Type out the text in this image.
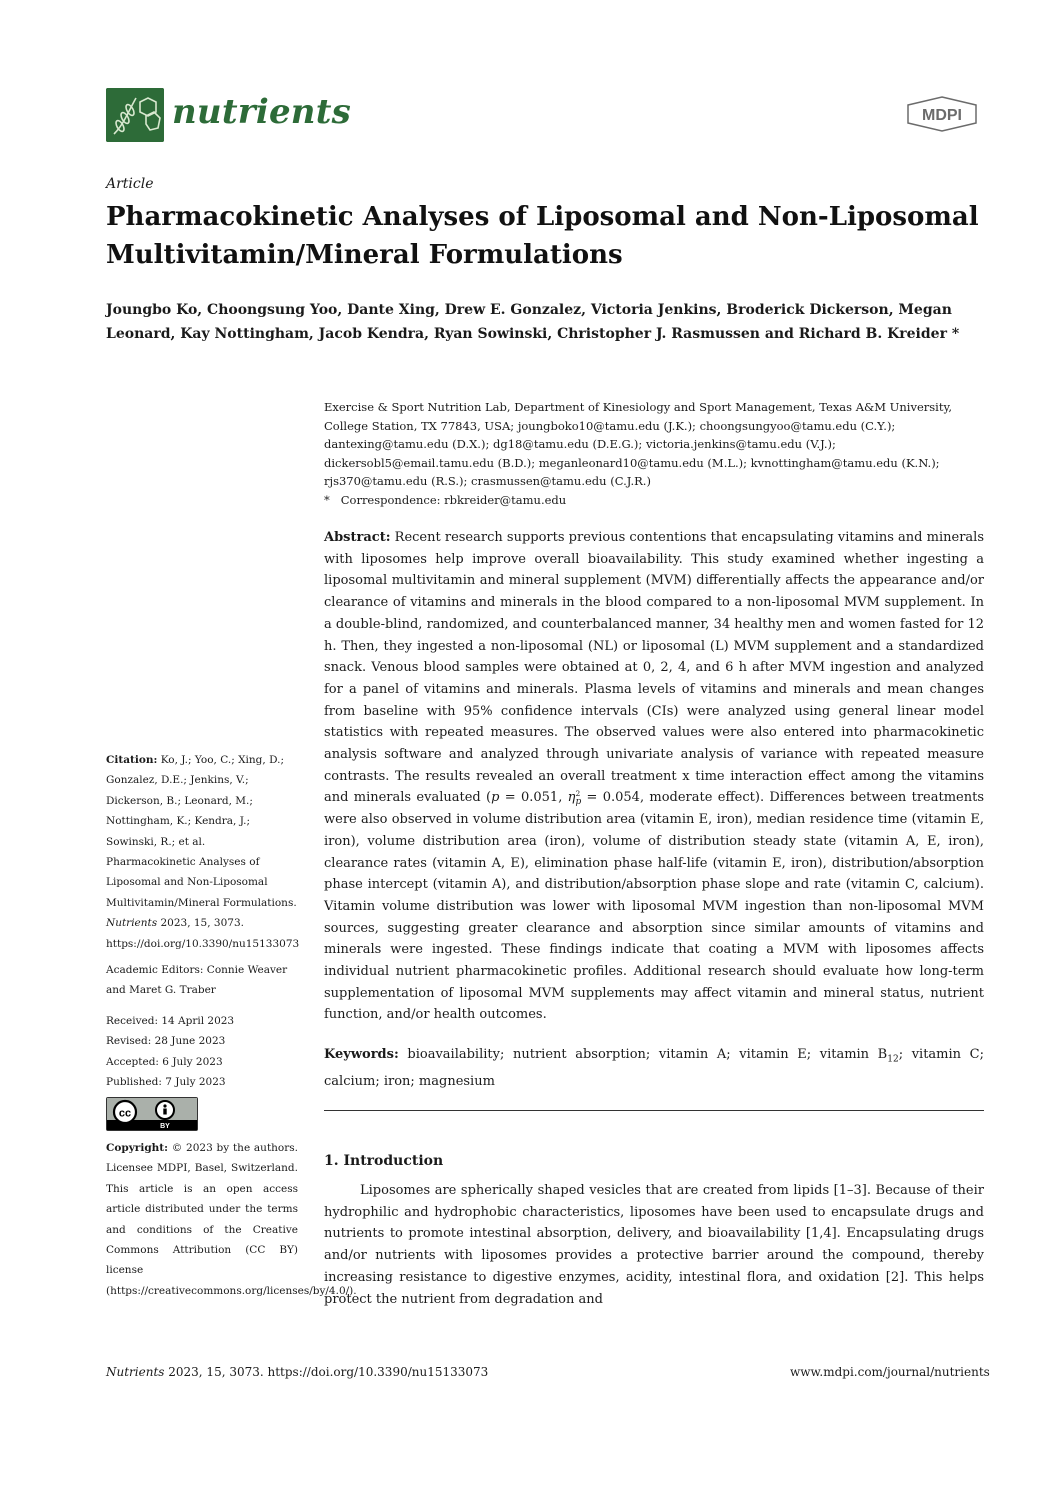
nutrients	MDPI
Article
Pharmacokinetic Analyses of Liposomal and Non-Liposomal Multivitamin/Mineral Formulations
Joungbo Ko, Choongsung Yoo, Dante Xing, Drew E. Gonzalez, Victoria Jenkins, Broderick Dickerson, Megan Leonard, Kay Nottingham, Jacob Kendra, Ryan Sowinski, Christopher J. Rasmussen and Richard B. Kreider *
Exercise & Sport Nutrition Lab, Department of Kinesiology and Sport Management, Texas A&M University, College Station, TX 77843, USA; joungboko10@tamu.edu (J.K.); choongsungyoo@tamu.edu (C.Y.); dantexing@tamu.edu (D.X.); dg18@tamu.edu (D.E.G.); victoria.jenkins@tamu.edu (V.J.); dickersobl5@email.tamu.edu (B.D.); meganleonard10@tamu.edu (M.L.); kvnottingham@tamu.edu (K.N.); rjs370@tamu.edu (R.S.); crasmussen@tamu.edu (C.J.R.)
* Correspondence: rbkreider@tamu.edu
Abstract: Recent research supports previous contentions that encapsulating vitamins and minerals with liposomes help improve overall bioavailability. This study examined whether ingesting a liposomal multivitamin and mineral supplement (MVM) differentially affects the appearance and/or clearance of vitamins and minerals in the blood compared to a non-liposomal MVM supplement. In a double-blind, randomized, and counterbalanced manner, 34 healthy men and women fasted for 12 h. Then, they ingested a non-liposomal (NL) or liposomal (L) MVM supplement and a standardized snack. Venous blood samples were obtained at 0, 2, 4, and 6 h after MVM ingestion and analyzed for a panel of vitamins and minerals. Plasma levels of vitamins and minerals and mean changes from baseline with 95% confidence intervals (CIs) were analyzed using general linear model statistics with repeated measures. The observed values were also entered into pharmacokinetic analysis software and analyzed through univariate analysis of variance with repeated measure contrasts. The results revealed an overall treatment x time interaction effect among the vitamins and minerals evaluated (p = 0.051, η 2
p = 0.054, moderate effect). Differences between treatments were also observed in volume distribution area (vitamin E, iron), median residence time (vitamin E, iron), volume distribution area (iron), volume of distribution steady state (vitamin A, E, iron), clearance rates (vitamin A, E), elimination phase half-life (vitamin E, iron), distribution/absorption phase intercept (vitamin A), and distribution/absorption phase slope and rate (vitamin C, calcium). Vitamin volume distribution was lower with liposomal MVM ingestion than non-liposomal MVM sources, suggesting greater clearance and absorption since similar amounts of vitamins and minerals were ingested. These findings indicate that coating a MVM with liposomes affects individual nutrient pharmacokinetic profiles. Additional research should evaluate how long-term supplementation of liposomal MVM supplements may affect vitamin and mineral status, nutrient function, and/or health outcomes.
Keywords: bioavailability; nutrient absorption; vitamin A; vitamin E; vitamin $B_{12}$; vitamin C; calcium; iron; magnesium
1. Introduction
Liposomes are spherically shaped vesicles that are created from lipids [1–3]. Because of their hydrophilic and hydrophobic characteristics, liposomes have been used to encapsulate drugs and nutrients to promote intestinal absorption, delivery, and bioavailability [1,4]. Encapsulating drugs and/or nutrients with liposomes provides a protective barrier around the compound, thereby increasing resistance to digestive enzymes, acidity, intestinal flora, and oxidation [2]. This helps protect the nutrient from degradation and
Citation: Ko, J.; Yoo, C.; Xing, D.; Gonzalez, D.E.; Jenkins, V.; Dickerson, B.; Leonard, M.; Nottingham, K.; Kendra, J.; Sowinski, R.; et al. Pharmacokinetic Analyses of Liposomal and Non-Liposomal Multivitamin/Mineral Formulations. Nutrients 2023, 15, 3073. https://doi.org/10.3390/nu15133073
Academic Editors: Connie Weaver and Maret G. Traber
Received: 14 April 2023
Revised: 28 June 2023
Accepted: 6 July 2023
Published: 7 July 2023
cc
BY
Copyright: © 2023 by the authors. Licensee MDPI, Basel, Switzerland. This article is an open access article distributed under the terms and conditions of the Creative Commons Attribution (CC BY) license (https://creativecommons.org/licenses/by/4.0/).
Nutrients 2023, 15, 3073. https://doi.org/10.3390/nu15133073	www.mdpi.com/journal/nutrients
